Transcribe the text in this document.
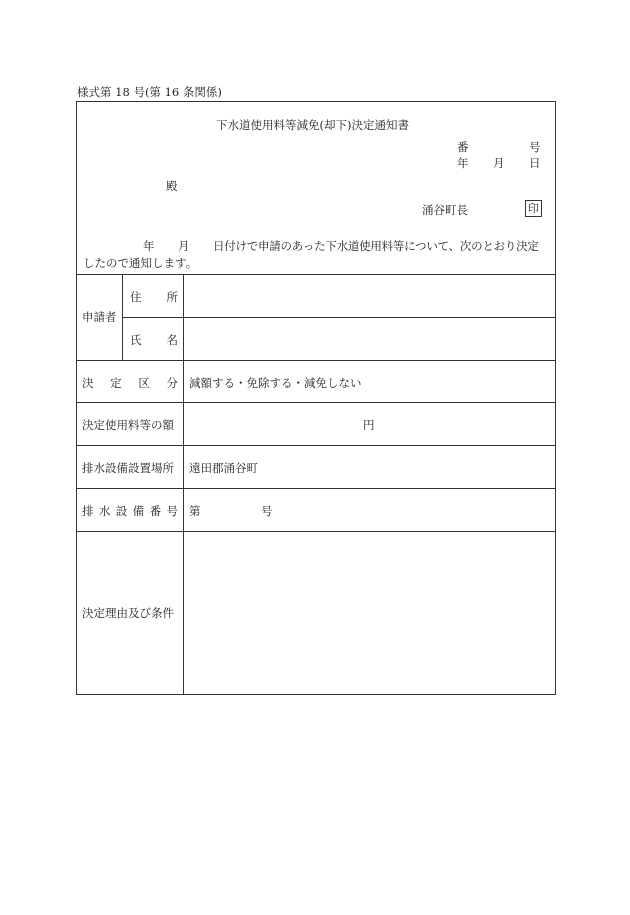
様式第 18 号(第 16 条関係)
下水道使用料等減免(却下)決定通知書
番	号
年 月 日
殿
涌谷町長	印
年 月 日付けで申請のあった下水道使用料等について、次のとおり決定
したので通知します。
申請者
住 所
氏 名
決 定 区 分 減額する・免除する・減免しない
決定使用料等の額	円
排水設備設置場所 遠田郡涌谷町
排 水 設 備 番 号 第	号
決定理由及び条件
